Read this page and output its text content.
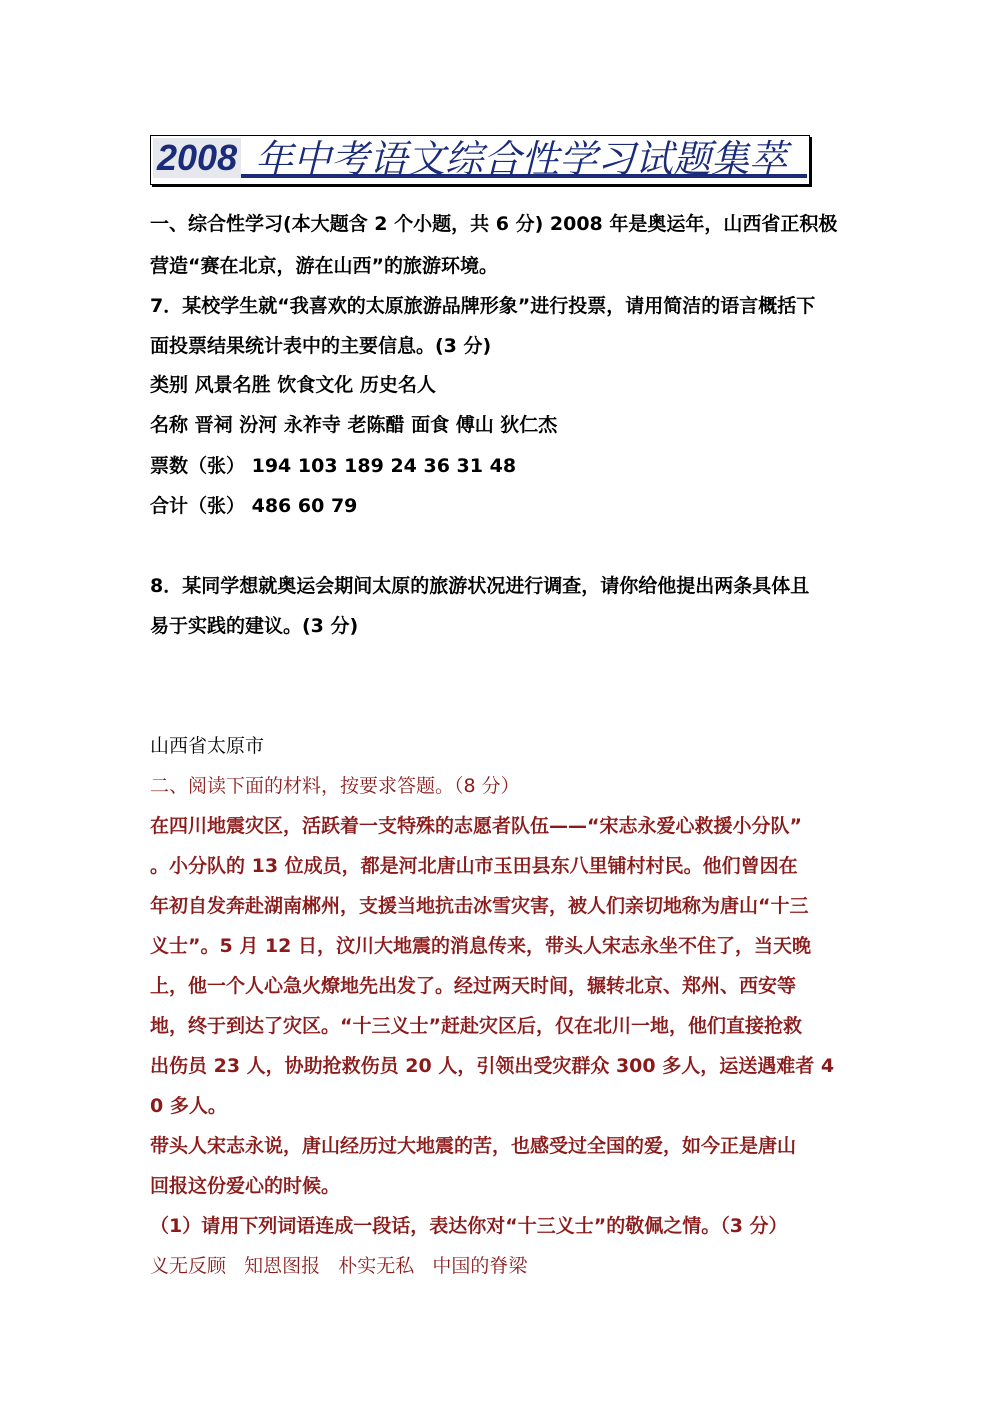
2008 年中考语文综合性学习试题集萃
一、综合性学习(本大题含 2 个小题，共 6 分) 2008 年是奥运年，山西省正积极
营造“赛在北京，游在山西”的旅游环境。
7．某校学生就“我喜欢的太原旅游品牌形象”进行投票，请用简洁的语言概括下
面投票结果统计表中的主要信息。(3 分)
类别 风景名胜 饮食文化 历史名人
名称 晋祠 汾河 永祚寺 老陈醋 面食 傅山 狄仁杰
票数（张） 194 103 189 24 36 31 48
合计（张） 486 60 79
8．某同学想就奥运会期间太原的旅游状况进行调查，请你给他提出两条具体且
易于实践的建议。(3 分)
山西省太原市
二、阅读下面的材料，按要求答题。（8 分）
在四川地震灾区，活跃着一支特殊的志愿者队伍——“宋志永爱心救援小分队”
。小分队的 13 位成员，都是河北唐山市玉田县东八里铺村村民。他们曾因在
年初自发奔赴湖南郴州，支援当地抗击冰雪灾害，被人们亲切地称为唐山“十三
义士”。5 月 12 日，汶川大地震的消息传来，带头人宋志永坐不住了，当天晚
上，他一个人心急火燎地先出发了。经过两天时间，辗转北京、郑州、西安等
地，终于到达了灾区。“十三义士”赶赴灾区后，仅在北川一地，他们直接抢救
出伤员 23 人，协助抢救伤员 20 人，引领出受灾群众 300 多人，运送遇难者 4
0 多人。
带头人宋志永说，唐山经历过大地震的苦，也感受过全国的爱，如今正是唐山
回报这份爱心的时候。
（1）请用下列词语连成一段话，表达你对“十三义士”的敬佩之情。（3 分）
义无反顾   知恩图报   朴实无私   中国的脊梁
